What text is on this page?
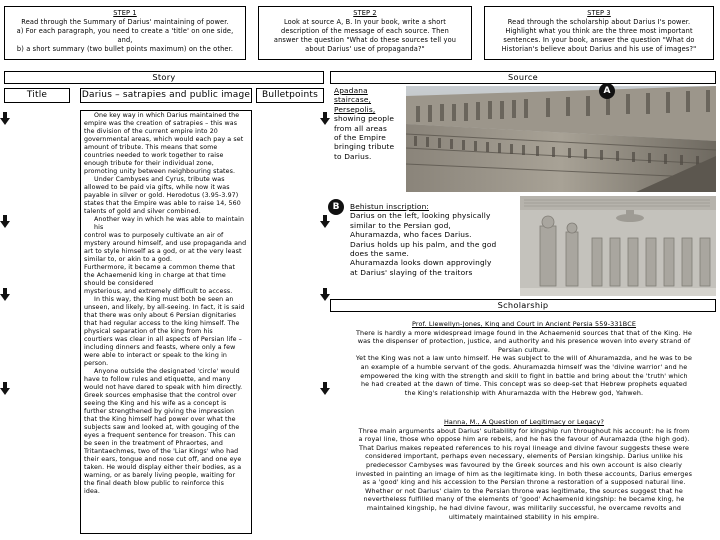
STEP 1
Read through the Summary of Darius' maintaining of power.
a) For each paragraph, you need to create a 'title' on one side,
and,
b) a short summary (two bullet points maximum) on the other.
STEP 2
Look at source A, B. In your book, write a short
description of the message of each source. Then
answer the question "What do these sources tell you
about Darius' use of propaganda?"
STEP 3
Read through the scholarship about Darius I's power.
Highlight what you think are the three most important
sentences. In your book, answer the question "What do
Historian's believe about Darius and his use of images?"
Story
Title	Darius – satrapies and public image	Bulletpoints
One key way in which Darius maintained the
empire was the creation of satrapies – this was
the division of the current empire into 20
governmental areas, which would each pay a set
amount of tribute. This means that some
countries needed to work together to raise
enough tribute for their individual zone,
promoting unity between neighbouring states.
Under Cambyses and Cyrus, tribute was
allowed to be paid via gifts, while now it was
payable in silver or gold. Herodotus (3.95-3.97)
states that the Empire was able to raise 14, 560
talents of gold and silver combined.
Another way in which he was able to maintain his
control was to purposely cultivate an air of
mystery around himself, and use propaganda and
art to style himself as a god, or at the very least
similar to, or akin to a god.
Furthermore, it became a common theme that
the Achaemenid king in charge at that time
should be considered
mysterious, and extremely difficult to access.
In this way, the King must both be seen an
unseen, and likely, by all-seeing. In fact, it is said
that there was only about 6 Persian dignitaries
that had regular access to the king himself. The
physical separation of the king from his
courtiers was clear in all aspects of Persian life –
including dinners and feasts, where only a few
were able to interact or speak to the king in
person.
Anyone outside the designated 'circle' would
have to follow rules and etiquette, and many
would not have dared to speak with him directly.
Greek sources emphasise that the control over
seeing the King and his wife as a concept is
further strengthened by giving the impression
that the King himself had power over what the
subjects saw and looked at, with gouging of the
eyes a frequent sentence for treason. This can
be seen in the treatment of Phraortes, and
Tritantaechmes, two of the 'Liar Kings' who had
their ears, tongue and nose cut off, and one eye
taken. He would display either their bodies, as a
warning, or as barely living people, waiting for
the final death blow public to reinforce this
idea.
Source
A
Apadana
staircase,
Persepolis,
showing people
from all areas
of the Empire
bringing tribute
to Darius.
B	Behistun inscription:
Darius on the left, looking physically
similar to the Persian god,
Ahuramazda, who faces Darius.
Darius holds up his palm, and the god
does the same.
Ahuramazda looks down approvingly
at Darius' slaying of the traitors
Scholarship
Prof. Llewellyn-Jones, King and Court in Ancient Persia 559-331BCE
There is hardly a more widespread image found in the Achaemenid sources that that of the King. He
was the dispenser of protection, justice, and authority and his presence woven into every strand of
Persian culture.
Yet the King was not a law unto himself. He was subject to the will of Ahuramazda, and he was to be
an example of a humble servant of the gods. Ahuramazda himself was the 'divine warrior' and he
empowered the king with the strength and skill to fight in battle and bring about the 'truth' which
he had created at the dawn of time. This concept was so deep-set that Hebrew prophets equated
the King's relationship with Ahuramazda with the Hebrew god, Yahweh.
Hanna, M., A Question of Legitimacy or Legacy?
Three main arguments about Darius' suitability for kingship run throughout his account: he is from
a royal line, those who oppose him are rebels, and he has the favour of Auramazda (the high god).
That Darius makes repeated references to his royal lineage and divine favour suggests these were
considered important, perhaps even necessary, elements of Persian kingship. Darius unlike his
predecessor Cambyses was favoured by the Greek sources and his own account is also clearly
invested in painting an image of him as the legitimate king. In both these accounts, Darius emerges
as a 'good' king and his accession to the Persian throne a restoration of a supposed natural line.
Whether or not Darius' claim to the Persian throne was legitimate, the sources suggest that he
nevertheless fulfilled many of the elements of 'good' Achaemenid kingship: he became king, he
maintained kingship, he had divine favour, was militarily successful, he overcame revolts and
ultimately maintained stability in his empire.
